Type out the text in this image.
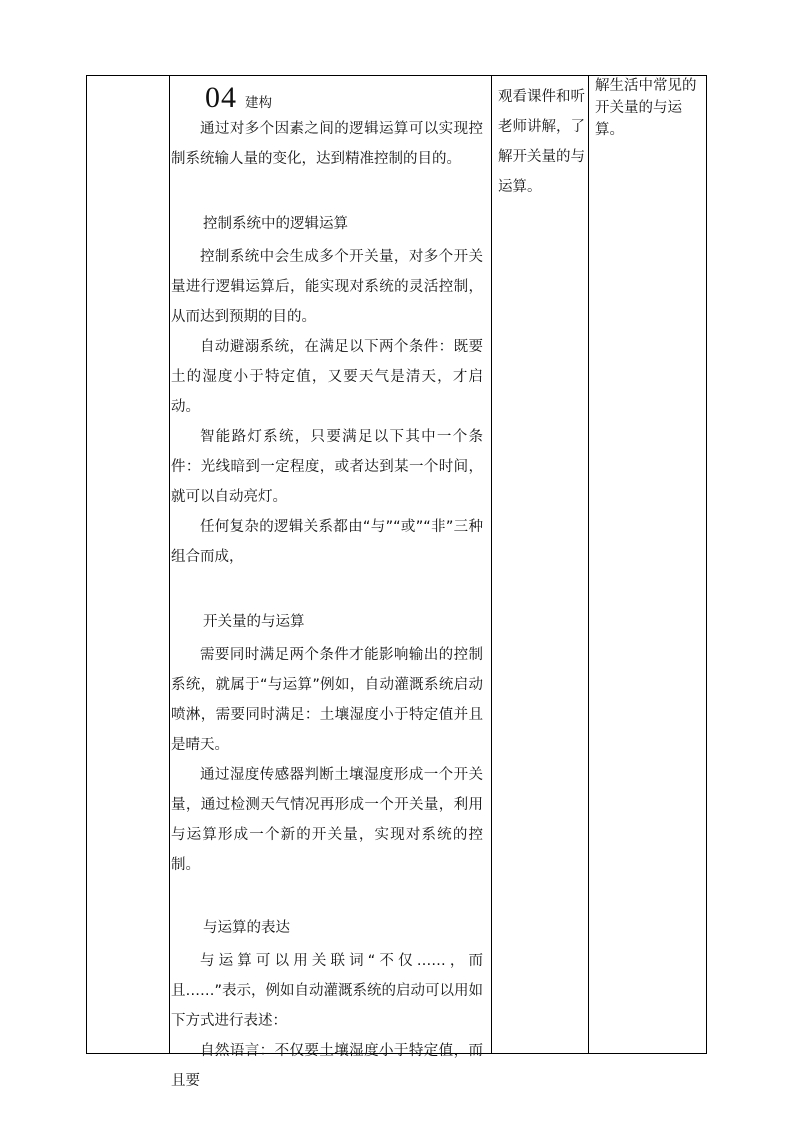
04 建构

通过对多个因素之间的逻辑运算可以实现控制系统输人量的变化，达到精准控制的目的。

控制系统中的逻辑运算

控制系统中会生成多个开关量，对多个开关量进行逻辑运算后，能实现对系统的灵活控制，从而达到预期的目的。

自动避溺系统，在满足以下两个条件：既要土的湿度小于特定值，又要天气是清天，才启动。

智能路灯系统，只要满足以下其中一个条件：光线暗到一定程度，或者达到某一个时间，就可以自动亮灯。

任何复杂的逻辑关系都由“与”“或”“非”三种组合而成，

开关量的与运算

需要同时满足两个条件才能影响输出的控制系统，就属于“与运算”例如，自动灌溉系统启动喷淋，需要同时满足：土壤湿度小于特定值并且是晴天。

通过湿度传感器判断土壤湿度形成一个开关量，通过检测天气情况再形成一个开关量，利用与运算形成一个新的开关量，实现对系统的控制。

与运算的表达

与运算可以用关联词“不仅……，而且……”表示，例如自动灌溉系统的启动可以用如下方式进行表述：

自然语言：不仅要土壤湿度小于特定值，而且要

观看课件和听老师讲解，了解开关量的与运算。
解生活中常见的开关量的与运算。
